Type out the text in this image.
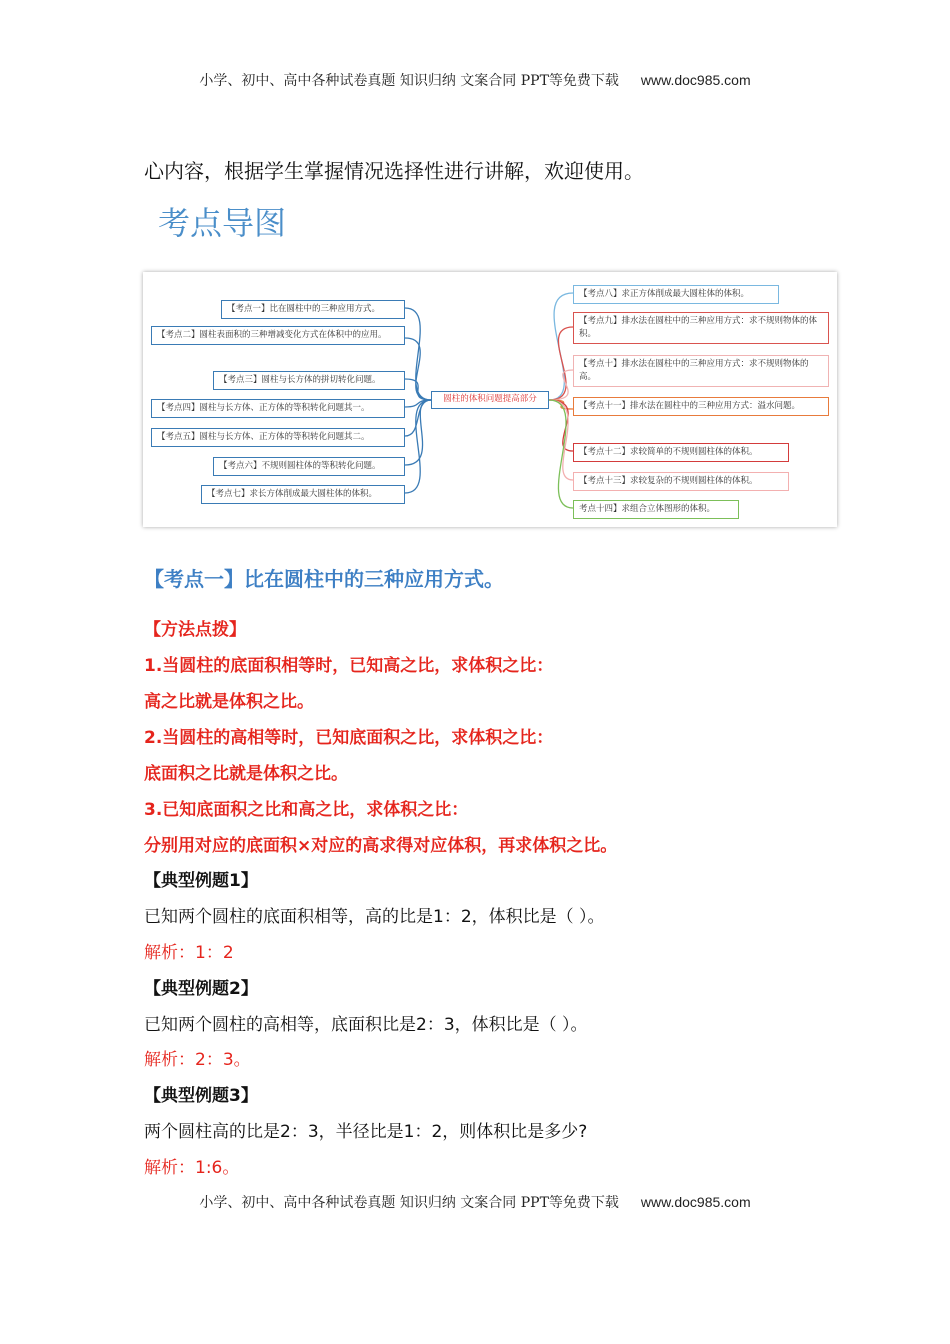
小学、初中、高中各种试卷真题 知识归纳 文案合同 PPT等免费下载 www.doc985.com
心内容，根据学生掌握情况选择性进行讲解，欢迎使用。
考点导图
圆柱的体积问题提高部分
【考点一】比在圆柱中的三种应用方式。
【考点二】圆柱表面积的三种增减变化方式在体积中的应用。
【考点三】圆柱与长方体的拼切转化问题。
【考点四】圆柱与长方体、正方体的等积转化问题其一。
【考点五】圆柱与长方体、正方体的等积转化问题其二。
【考点六】不规则圆柱体的等积转化问题。
【考点七】求长方体削成最大圆柱体的体积。
【考点八】求正方体削成最大圆柱体的体积。
【考点九】排水法在圆柱中的三种应用方式：求不规则物体的体积。
【考点十】排水法在圆柱中的三种应用方式：求不规则物体的高。
【考点十一】排水法在圆柱中的三种应用方式：溢水问题。
【考点十二】求较简单的不规则圆柱体的体积。
【考点十三】求较复杂的不规则圆柱体的体积。
考点十四】求组合立体图形的体积。
【考点一】比在圆柱中的三种应用方式。
【方法点拨】
1.当圆柱的底面积相等时，已知高之比，求体积之比：
高之比就是体积之比。
2.当圆柱的高相等时，已知底面积之比，求体积之比：
底面积之比就是体积之比。
3.已知底面积之比和高之比，求体积之比：
分别用对应的底面积×对应的高求得对应体积，再求体积之比。
【典型例题1】
已知两个圆柱的底面积相等，高的比是1：2，体积比是（ ）。
解析：1：2
【典型例题2】
已知两个圆柱的高相等，底面积比是2：3，体积比是（ ）。
解析：2：3。
【典型例题3】
两个圆柱高的比是2：3，半径比是1：2，则体积比是多少?
解析：1:6。
小学、初中、高中各种试卷真题 知识归纳 文案合同 PPT等免费下载 www.doc985.com
